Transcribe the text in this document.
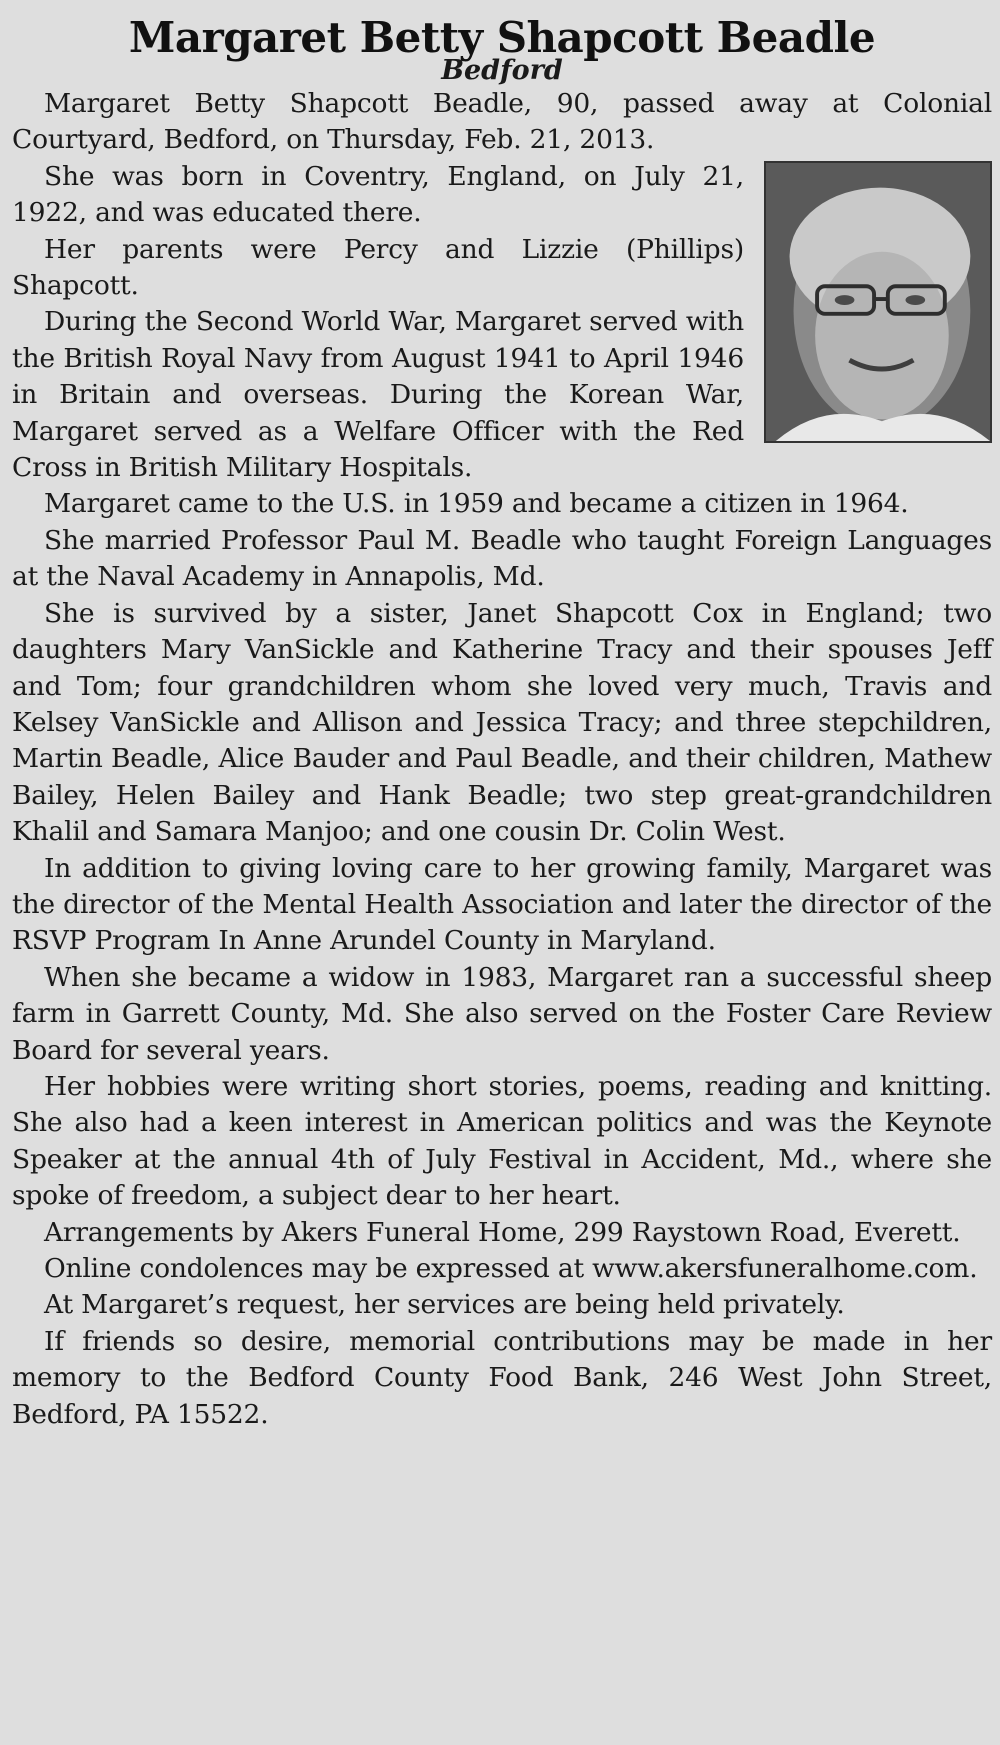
Margaret Betty Shapcott Beadle
Bedford

Margaret Betty Shapcott Beadle, 90, passed away at Colonial Courtyard, Bedford, on Thursday, Feb. 21, 2013.

She was born in Coventry, England, on July 21, 1922, and was educated there.

Her parents were Percy and Lizzie (Phillips) Shapcott.

During the Second World War, Margaret served with the British Royal Navy from August 1941 to April 1946 in Britain and overseas. During the Korean War, Margaret served as a Welfare Officer with the Red Cross in British Military Hospitals.

Margaret came to the U.S. in 1959 and became a citizen in 1964.

She married Professor Paul M. Beadle who taught Foreign Languages at the Naval Academy in Annapolis, Md.

She is survived by a sister, Janet Shapcott Cox in England; two daughters Mary VanSickle and Katherine Tracy and their spouses Jeff and Tom; four grandchildren whom she loved very much, Travis and Kelsey VanSickle and Allison and Jessica Tracy; and three stepchildren, Martin Beadle, Alice Bauder and Paul Beadle, and their children, Mathew Bailey, Helen Bailey and Hank Beadle; two step great-grandchildren Khalil and Samara Manjoo; and one cousin Dr. Colin West.

In addition to giving loving care to her growing family, Margaret was the director of the Mental Health Association and later the director of the RSVP Program In Anne Arundel County in Maryland.

When she became a widow in 1983, Margaret ran a successful sheep farm in Garrett County, Md. She also served on the Foster Care Review Board for several years.

Her hobbies were writing short stories, poems, reading and knitting. She also had a keen interest in American politics and was the Keynote Speaker at the annual 4th of July Festival in Accident, Md., where she spoke of freedom, a subject dear to her heart.

Arrangements by Akers Funeral Home, 299 Raystown Road, Everett.

Online condolences may be expressed at www.akersfuneralhome.com.

At Margaret’s request, her services are being held privately.

If friends so desire, memorial contributions may be made in her memory to the Bedford County Food Bank, 246 West John Street, Bedford, PA 15522.
